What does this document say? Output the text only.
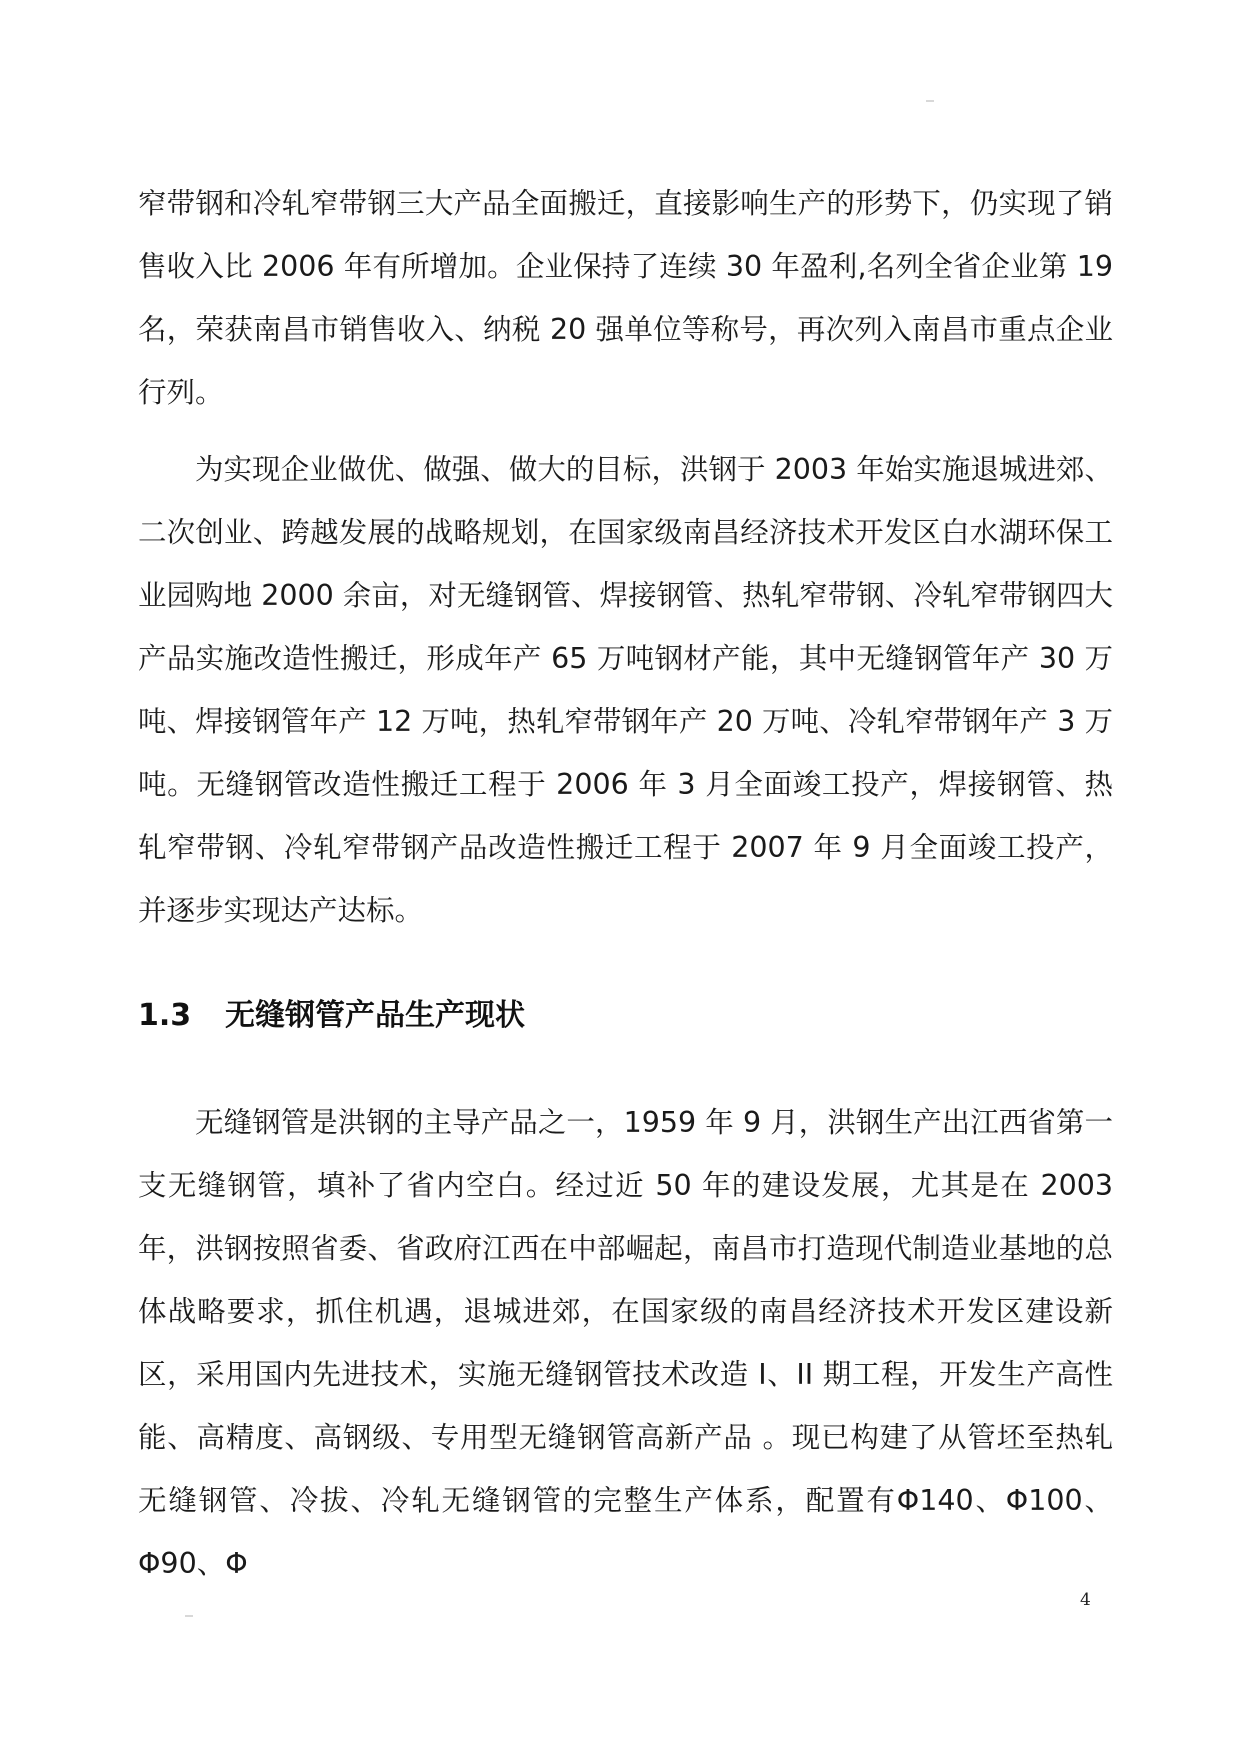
窄带钢和冷轧窄带钢三大产品全面搬迁，直接影响生产的形势下，仍实现了销售收入比 2006 年有所增加。企业保持了连续 30 年盈利,名列全省企业第 19 名，荣获南昌市销售收入、纳税 20 强单位等称号，再次列入南昌市重点企业行列。

为实现企业做优、做强、做大的目标，洪钢于 2003 年始实施退城进郊、二次创业、跨越发展的战略规划，在国家级南昌经济技术开发区白水湖环保工业园购地 2000 余亩，对无缝钢管、焊接钢管、热轧窄带钢、冷轧窄带钢四大产品实施改造性搬迁，形成年产 65 万吨钢材产能，其中无缝钢管年产 30 万吨、焊接钢管年产 12 万吨，热轧窄带钢年产 20 万吨、冷轧窄带钢年产 3 万吨。无缝钢管改造性搬迁工程于 2006 年 3 月全面竣工投产，焊接钢管、热轧窄带钢、冷轧窄带钢产品改造性搬迁工程于 2007 年 9 月全面竣工投产，并逐步实现达产达标。

1.3 无缝钢管产品生产现状

无缝钢管是洪钢的主导产品之一，1959 年 9 月，洪钢生产出江西省第一支无缝钢管，填补了省内空白。经过近 50 年的建设发展，尤其是在 2003 年，洪钢按照省委、省政府江西在中部崛起，南昌市打造现代制造业基地的总体战略要求，抓住机遇，退城进郊，在国家级的南昌经济技术开发区建设新区，采用国内先进技术，实施无缝钢管技术改造 I、II 期工程，开发生产高性能、高精度、高钢级、专用型无缝钢管高新产品 。现已构建了从管坯至热轧无缝钢管、冷拔、冷轧无缝钢管的完整生产体系，配置有Φ140、Φ100、Φ90、Φ

4
